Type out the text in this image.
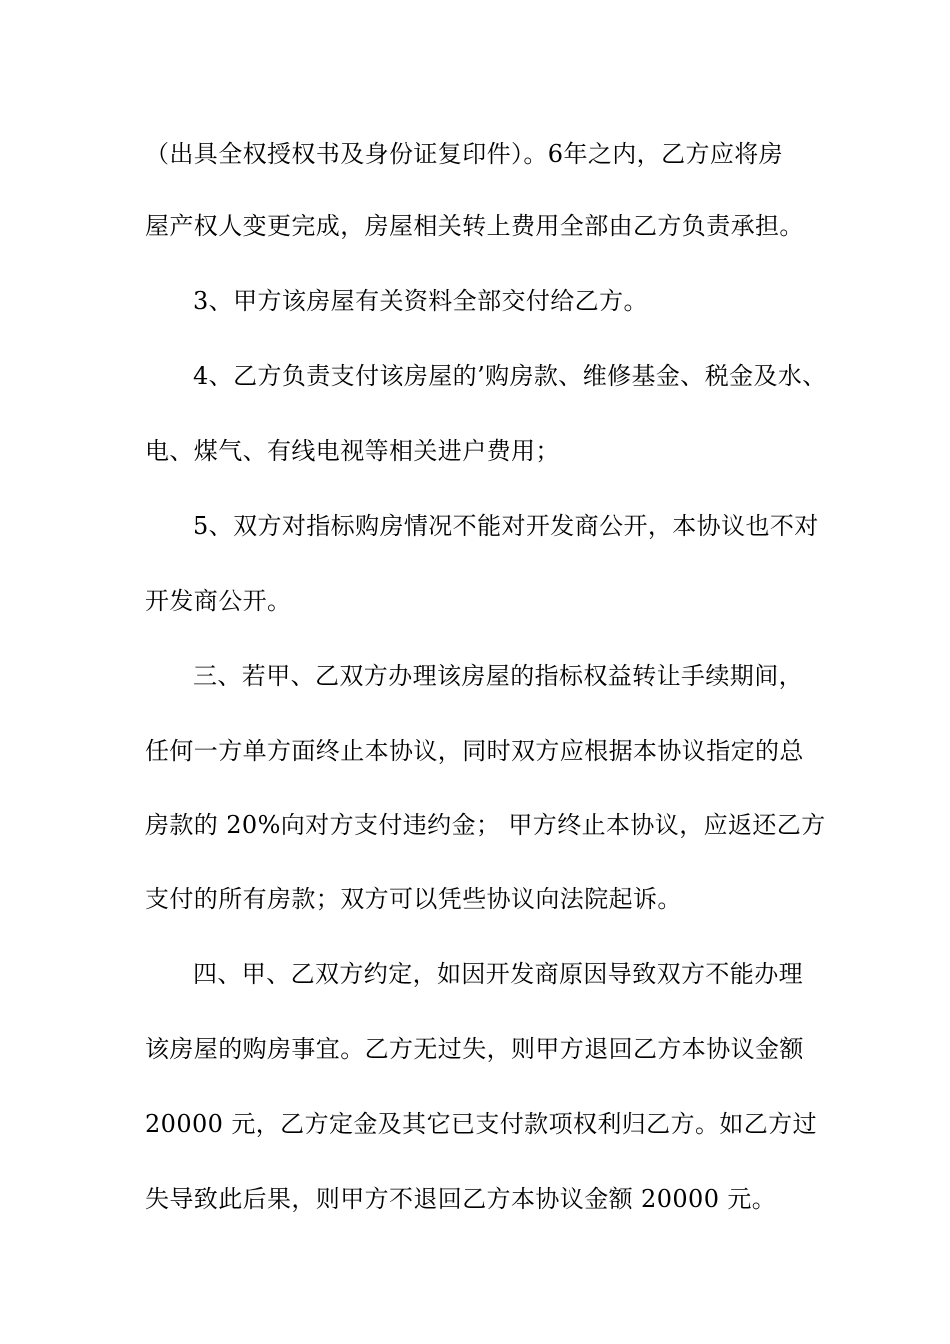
（出具全权授权书及身份证复印件）。6年之内，乙方应将房
屋产权人变更完成，房屋相关转上费用全部由乙方负责承担。
3、甲方该房屋有关资料全部交付给乙方。
4、乙方负责支付该房屋的’购房款、维修基金、税金及水、
电、煤气、有线电视等相关进户费用；
5、双方对指标购房情况不能对开发商公开，本协议也不对
开发商公开。
三、若甲、乙双方办理该房屋的指标权益转让手续期间，
任何一方单方面终止本协议，同时双方应根据本协议指定的总
房款的 20%向对方支付违约金； 甲方终止本协议，应返还乙方
支付的所有房款；双方可以凭些协议向法院起诉。
四、甲、乙双方约定，如因开发商原因导致双方不能办理
该房屋的购房事宜。乙方无过失，则甲方退回乙方本协议金额
20000 元，乙方定金及其它已支付款项权利归乙方。如乙方过
失导致此后果，则甲方不退回乙方本协议金额 20000 元。
